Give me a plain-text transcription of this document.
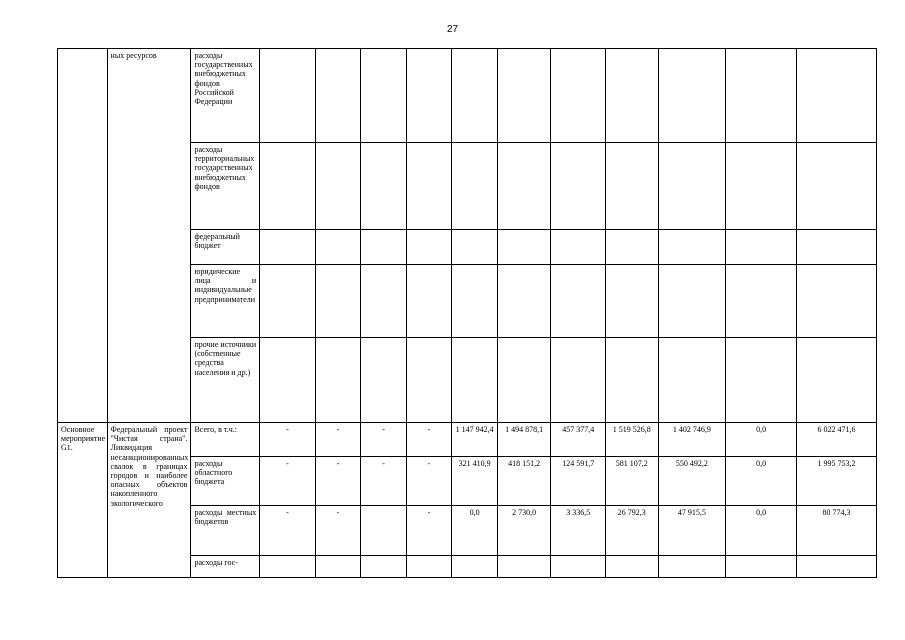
27
	ных ресурсов	расходы государственных внебюджетных фондов Российской Федерации											
		расходы территориальных государственных внебюджетных фондов											
		федеральный бюджет											
		юридические лица и индивидуальные предприниматели											
		прочие источники (собственные средства населения и др.)											
Основное мероприятие G1.	Федеральный проект "Чистая страна". Ликвидация несанкционированных свалок в границах городов и наиболее опасных объектов накопленного экологического	Всего, в т.ч.:	-	-	-	-	1 147 942,4	1 494 878,1	457 377,4	1 519 526,8	1 402 746,9	0,0	6 022 471,6
		расходы областного бюджета	-	-	-	-	321 410,9	418 151,2	124 591,7	581 107,2	550 492,2	0,0	1 995 753,2
		расходы местных бюджетов	-	-		-	0,0	2 730,0	3 336,5	26 792,3	47 915,5	0,0	80 774,3
		расходы гос-											
